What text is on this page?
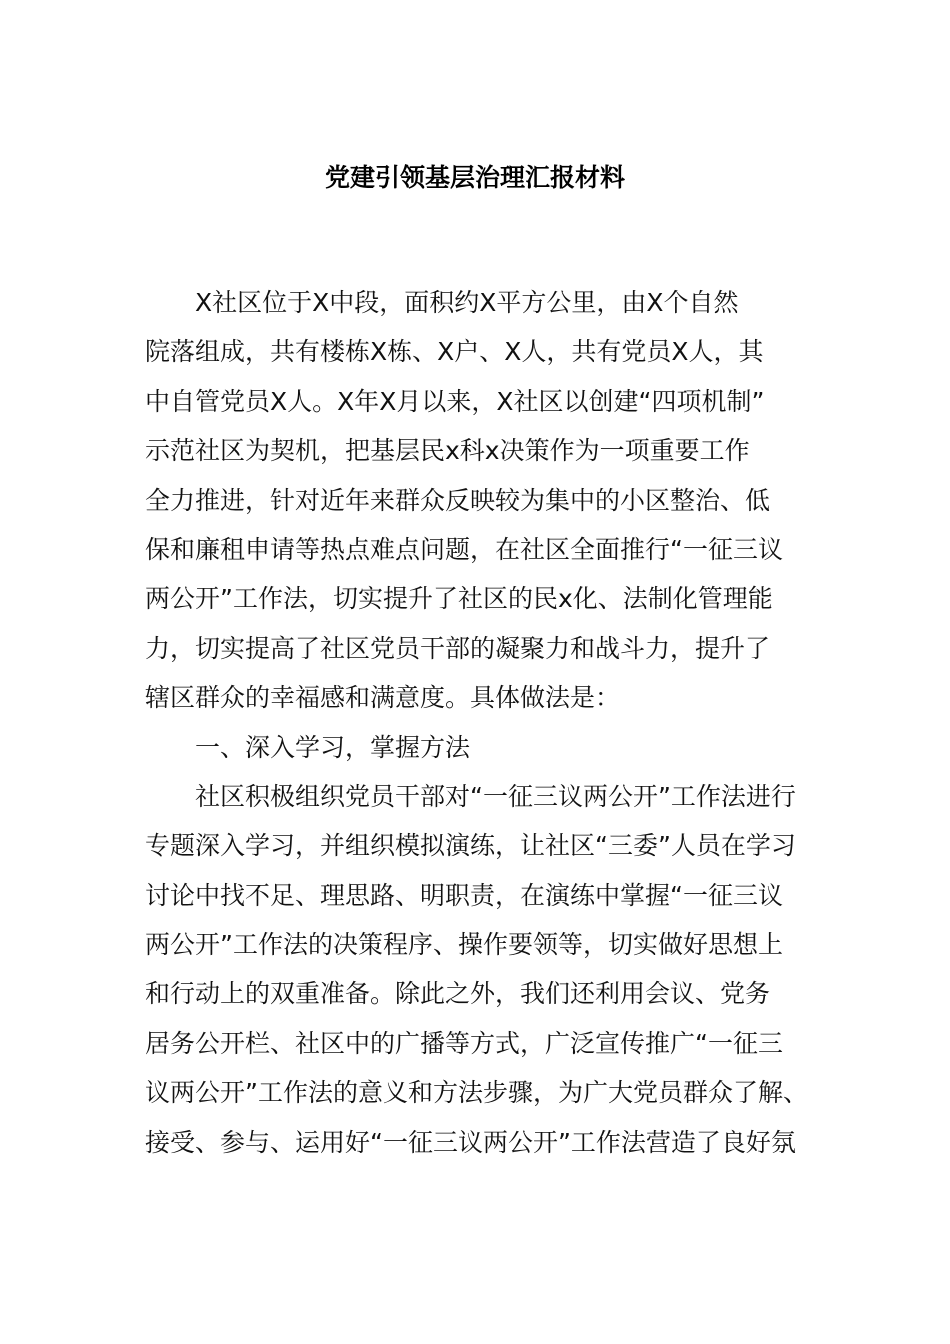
党建引领基层治理汇报材料

X社区位于X中段，面积约X平方公里，由X个自然
院落组成，共有楼栋X栋、X户、X人，共有党员X人，其
中自管党员X人。X年X月以来，X社区以创建“四项机制”
示范社区为契机，把基层民x科x决策作为一项重要工作
全力推进，针对近年来群众反映较为集中的小区整治、低
保和廉租申请等热点难点问题，在社区全面推行“一征三议
两公开”工作法，切实提升了社区的民x化、法制化管理能
力，切实提高了社区党员干部的凝聚力和战斗力，提升了
辖区群众的幸福感和满意度。具体做法是：

一、深入学习，掌握方法

社区积极组织党员干部对“一征三议两公开”工作法进行
专题深入学习，并组织模拟演练，让社区“三委”人员在学习
讨论中找不足、理思路、明职责，在演练中掌握“一征三议
两公开”工作法的决策程序、操作要领等，切实做好思想上
和行动上的双重准备。除此之外，我们还利用会议、党务
居务公开栏、社区中的广播等方式，广泛宣传推广“一征三
议两公开”工作法的意义和方法步骤，为广大党员群众了解、
接受、参与、运用好“一征三议两公开”工作法营造了良好氛
